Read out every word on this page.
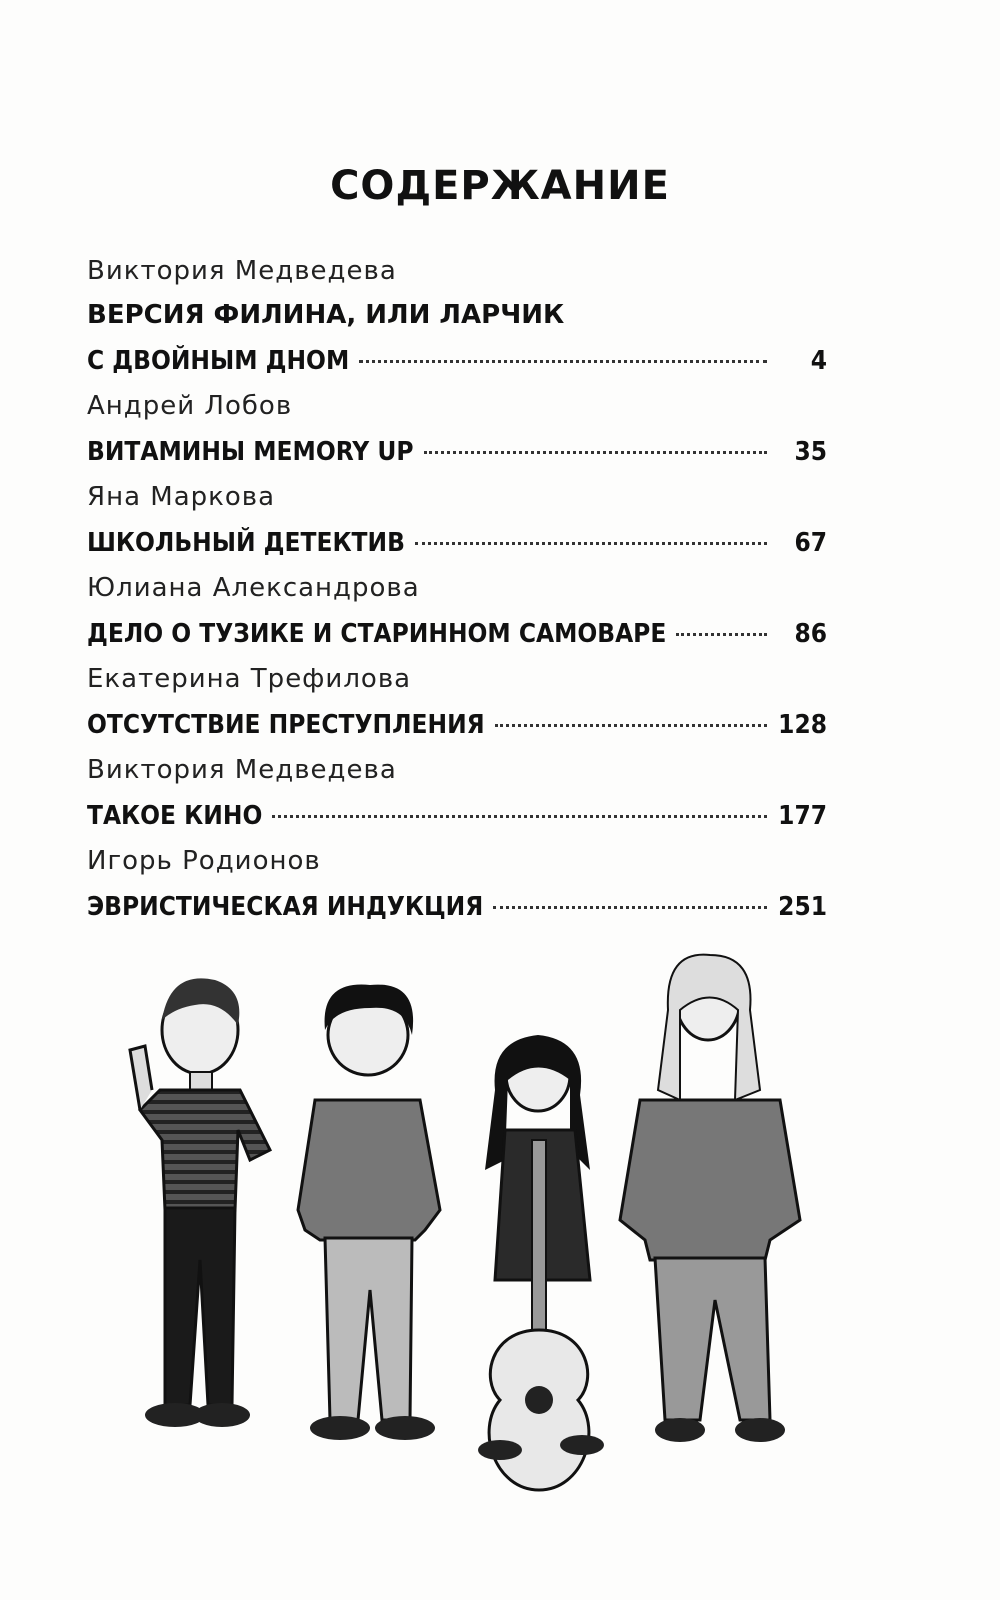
СОДЕРЖАНИЕ
Виктория Медведева
ВЕРСИЯ ФИЛИНА, ИЛИ ЛАРЧИК
С ДВОЙНЫМ ДНОМ	4
Андрей Лобов
ВИТАМИНЫ MEMORY UP	35
Яна Маркова
ШКОЛЬНЫЙ ДЕТЕКТИВ	67
Юлиана Александрова
ДЕЛО О ТУЗИКЕ И СТАРИННОМ САМОВАРЕ	86
Екатерина Трефилова
ОТСУТСТВИЕ ПРЕСТУПЛЕНИЯ	128
Виктория Медведева
ТАКОЕ КИНО	177
Игорь Родионов
ЭВРИСТИЧЕСКАЯ ИНДУКЦИЯ	251
